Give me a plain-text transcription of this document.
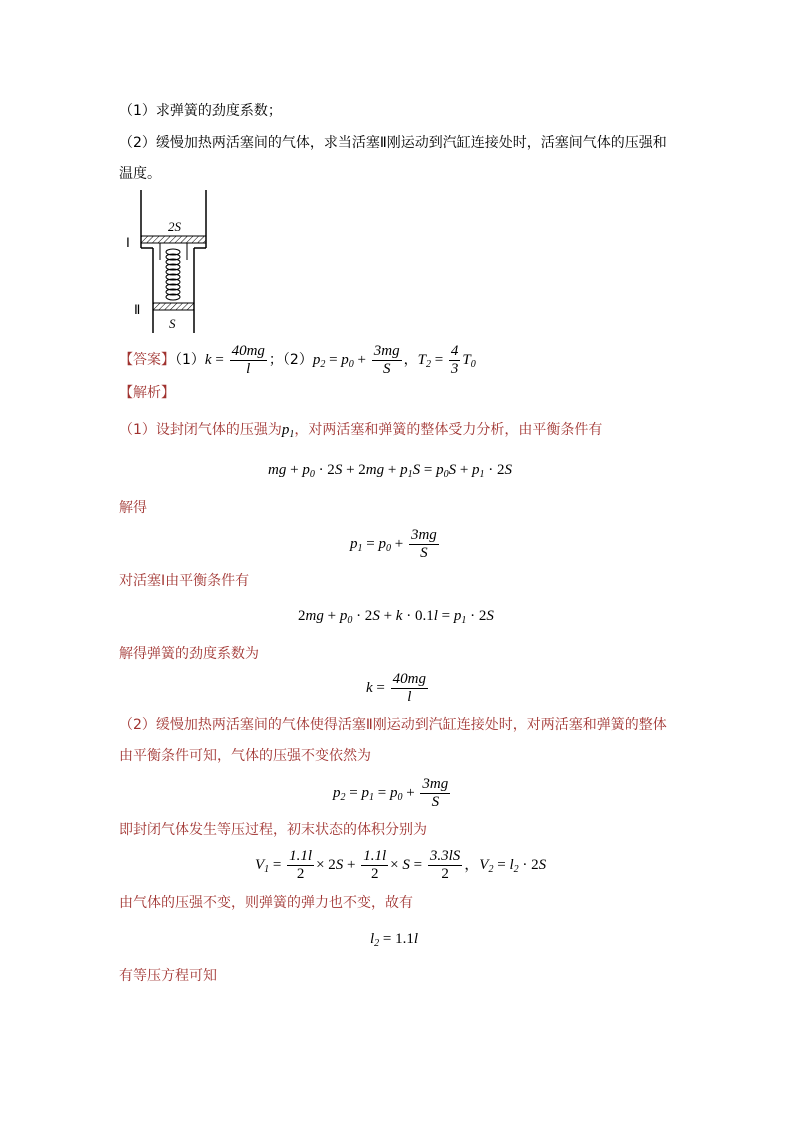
（1）求弹簧的劲度系数；
（2）缓慢加热两活塞间的气体，求当活塞Ⅱ刚运动到汽缸连接处时，活塞间气体的压强和
温度。
2S
S
Ⅰ
Ⅱ
【答案】$(1)k = \frac{40mg}{l}$ ；$(2)p_2 = p_0 + \frac{3mg}{S}$ ，$T_2 = \frac{4}{3} T_0$
【解析】
（1）设封闭气体的压强为$p_1$，对两活塞和弹簧的整体受力分析，由平衡条件有
mg + $p_0 \cdot 2S + 2mg + p_1S = p_0S + p_1 \cdot 2S$
解得
$p_1 = p_0 + \frac{3mg}{S}$
对活塞Ⅰ由平衡条件有
$2mg + p_0 \cdot 2S + k \cdot 0.1l = p_1 \cdot 2S$
解得弹簧的劲度系数为
$k = \frac{40mg}{l}$
（2）缓慢加热两活塞间的气体使得活塞Ⅱ刚运动到汽缸连接处时，对两活塞和弹簧的整体
由平衡条件可知，气体的压强不变依然为
$p_2 = p_1 = p_0 + \frac{3mg}{S}$
即封闭气体发生等压过程，初末状态的体积分别为
$V_1 = \frac{1.1l}{2} \times 2S + \frac{1.1l}{2} \times S = \frac{3.3lS}{2}$ ，$V_2 = l_2 \cdot 2S$
由气体的压强不变，则弹簧的弹力也不变，故有
$l_2 = 1.1l$
有等压方程可知
